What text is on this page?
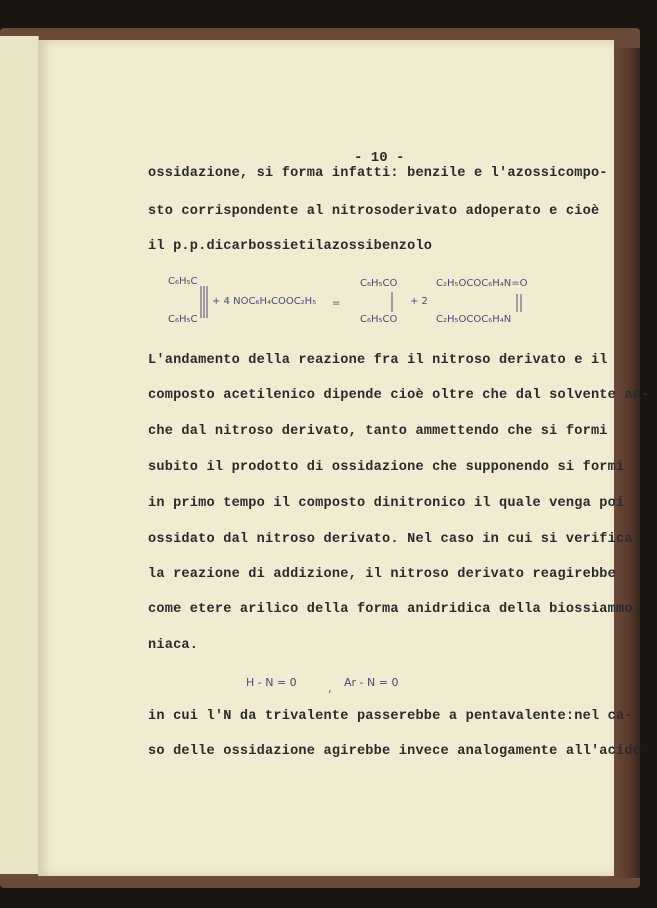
- 10 -

ossidazione, si forma infatti: benzile e l'azossicompo-

sto corrispondente al nitrosoderivato adoperato e cioè

il p.p.dicarbossietilazossibenzolo

C₆H₅C

C₆H₅C

+ 4 NOC₆H₄COOC₂H₅ =

C₆H₅CO

C₆H₅CO

+ 2

C₂H₅OCOC₆H₄N=O

C₂H₅OCOC₆H₄N

L'andamento della reazione fra il nitroso derivato e il

composto acetilenico dipende cioè oltre che dal solvente an-

che dal nitroso derivato, tanto ammettendo che si formi

subito il prodotto di ossidazione che supponendo si formi

in primo tempo il composto dinitronico il quale venga poi

ossidato dal nitroso derivato. Nel caso in cui si verifica

la reazione di addizione, il nitroso derivato reagirebbe

come etere arilico della forma anidridica della biossiammo-

niaca.

H - N = 0	, Ar - N = 0

in cui l'N da trivalente passerebbe a pentavalente:nel ca-

so delle ossidazione agirebbe invece analogamente all'acido
